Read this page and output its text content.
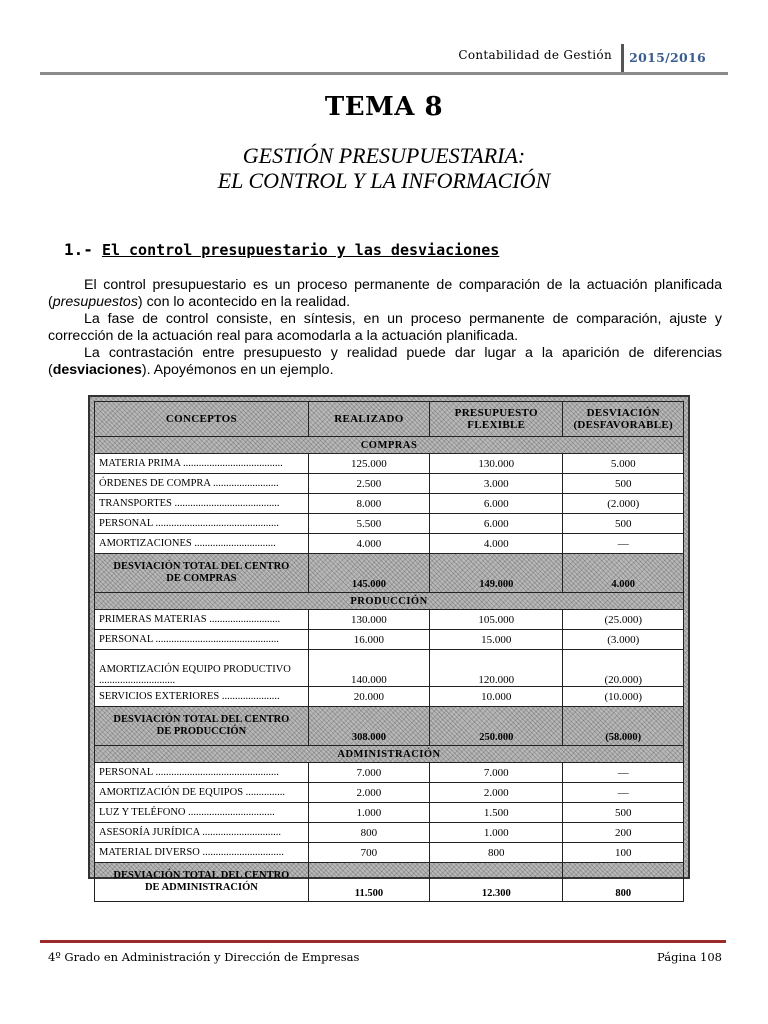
Contabilidad de Gestión 2015/2016
TEMA 8
GESTIÓN PRESUPUESTARIA:
EL CONTROL Y LA INFORMACIÓN
1.- El control presupuestario y las desviaciones
El control presupuestario es un proceso permanente de comparación de la actuación planificada (presupuestos) con lo acontecido en la realidad.
La fase de control consiste, en síntesis, en un proceso permanente de comparación, ajuste y corrección de la actuación real para acomodarla a la actuación planificada.
La contrastación entre presupuesto y realidad puede dar lugar a la aparición de diferencias (desviaciones). Apoyémonos en un ejemplo.
CONCEPTOS	REALIZADO	PRESUPUESTO FLEXIBLE	DESVIACIÓN (DESFAVORABLE)
COMPRAS			
MATERIA PRIMA ......................................	125.000	130.000	5.000
ÓRDENES DE COMPRA .........................	2.500	3.000	500
TRANSPORTES ........................................	8.000	6.000	(2.000)
PERSONAL ...............................................	5.500	6.000	500
AMORTIZACIONES ...............................	4.000	4.000	—

DESVIACIÓN TOTAL DEL CENTRO
DE COMPRAS	145.000	149.000	4.000
PRODUCCIÓN			
PRIMERAS MATERIAS ...........................	130.000	105.000	(25.000)
PERSONAL ...............................................	16.000	15.000	(3.000)
AMORTIZACIÓN EQUIPO PRODUCTIVO .............................	140.000	120.000	(20.000)
SERVICIOS EXTERIORES ......................	20.000	10.000	(10.000)

DESVIACIÓN TOTAL DEL CENTRO
DE PRODUCCIÓN	308.000	250.000	(58.000)
ADMINISTRACIÓN			
PERSONAL ...............................................	7.000	7.000	—
AMORTIZACIÓN DE EQUIPOS ...............	2.000	2.000	—
LUZ Y TELÉFONO .................................	1.000	1.500	500
ASESORÍA JURÍDICA ..............................	800	1.000	200
MATERIAL DIVERSO ...............................	700	800	100

DESVIACIÓN TOTAL DEL CENTRO
DE ADMINISTRACIÓN	11.500	12.300	800
4º Grado en Administración y Dirección de Empresas	Página 108
